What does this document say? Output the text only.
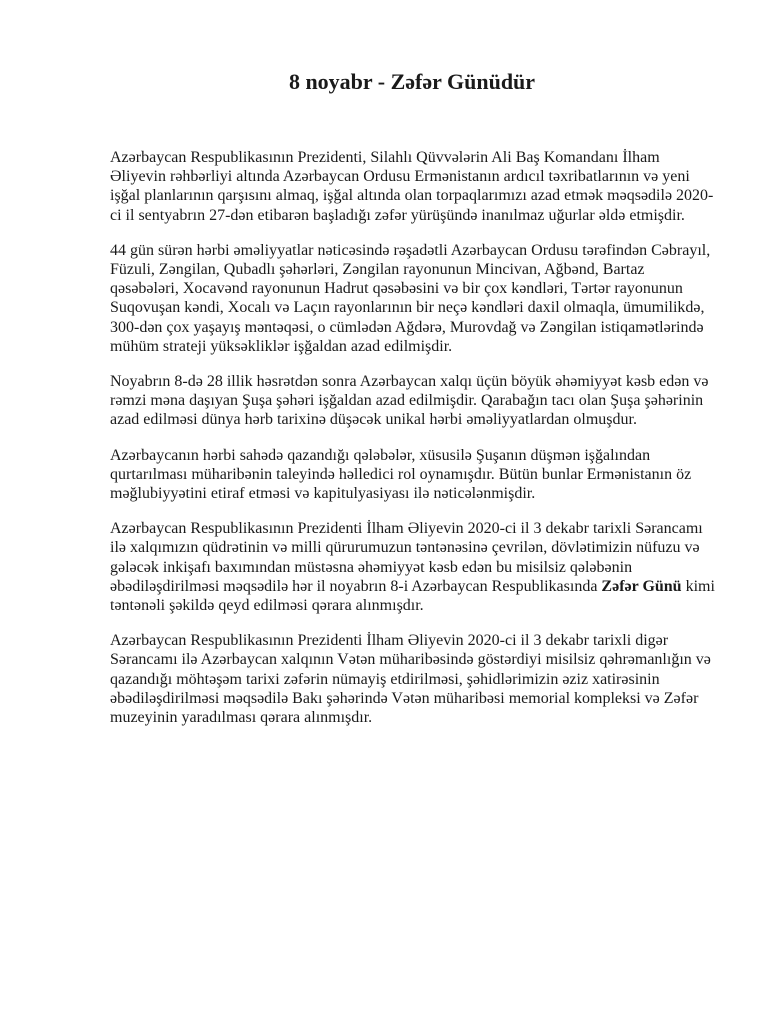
8 noyabr - Zəfər Günüdür

Azərbaycan Respublikasının Prezidenti, Silahlı Qüvvələrin Ali Baş Komandanı İlham Əliyevin rəhbərliyi altında Azərbaycan Ordusu Ermənistanın ardıcıl təxribatlarının və yeni işğal planlarının qarşısını almaq, işğal altında olan torpaqlarımızı azad etmək məqsədilə 2020-ci il sentyabrın 27-dən etibarən başladığı zəfər yürüşündə inanılmaz uğurlar əldə etmişdir.

44 gün sürən hərbi əməliyyatlar nəticəsində rəşadətli Azərbaycan Ordusu tərəfindən Cəbrayıl, Füzuli, Zəngilan, Qubadlı şəhərləri, Zəngilan rayonunun Mincivan, Ağbənd, Bartaz qəsəbələri, Xocavənd rayonunun Hadrut qəsəbəsini və bir çox kəndləri, Tərtər rayonunun Suqovuşan kəndi, Xocalı və Laçın rayonlarının bir neçə kəndləri daxil olmaqla, ümumilikdə, 300-dən çox yaşayış məntəqəsi, o cümlədən Ağdərə, Murovdağ və Zəngilan istiqamətlərində mühüm strateji yüksəkliklər işğaldan azad edilmişdir.

Noyabrın 8-də 28 illik həsrətdən sonra Azərbaycan xalqı üçün böyük əhəmiyyət kəsb edən və rəmzi məna daşıyan Şuşa şəhəri işğaldan azad edilmişdir. Qarabağın tacı olan Şuşa şəhərinin azad edilməsi dünya hərb tarixinə düşəcək unikal hərbi əməliyyatlardan olmuşdur.

Azərbaycanın hərbi sahədə qazandığı qələbələr, xüsusilə Şuşanın düşmən işğalından qurtarılması müharibənin taleyində həlledici rol oynamışdır. Bütün bunlar Ermənistanın öz məğlubiyyətini etiraf etməsi və kapitulyasiyası ilə nəticələnmişdir.

Azərbaycan Respublikasının Prezidenti İlham Əliyevin 2020-ci il 3 dekabr tarixli Sərancamı ilə xalqımızın qüdrətinin və milli qürurumuzun təntənəsinə çevrilən, dövlətimizin nüfuzu və gələcək inkişafı baxımından müstəsna əhəmiyyət kəsb edən bu misilsiz qələbənin əbədiləşdirilməsi məqsədilə hər il noyabrın 8-i Azərbaycan Respublikasında Zəfər Günü kimi təntənəli şəkildə qeyd edilməsi qərara alınmışdır.

Azərbaycan Respublikasının Prezidenti İlham Əliyevin 2020-ci il 3 dekabr tarixli digər Sərancamı ilə Azərbaycan xalqının Vətən müharibəsində göstərdiyi misilsiz qəhrəmanlığın və qazandığı möhtəşəm tarixi zəfərin nümayiş etdirilməsi, şəhidlərimizin əziz xatirəsinin əbədiləşdirilməsi məqsədilə Bakı şəhərində Vətən müharibəsi memorial kompleksi və Zəfər muzeyinin yaradılması qərara alınmışdır.
